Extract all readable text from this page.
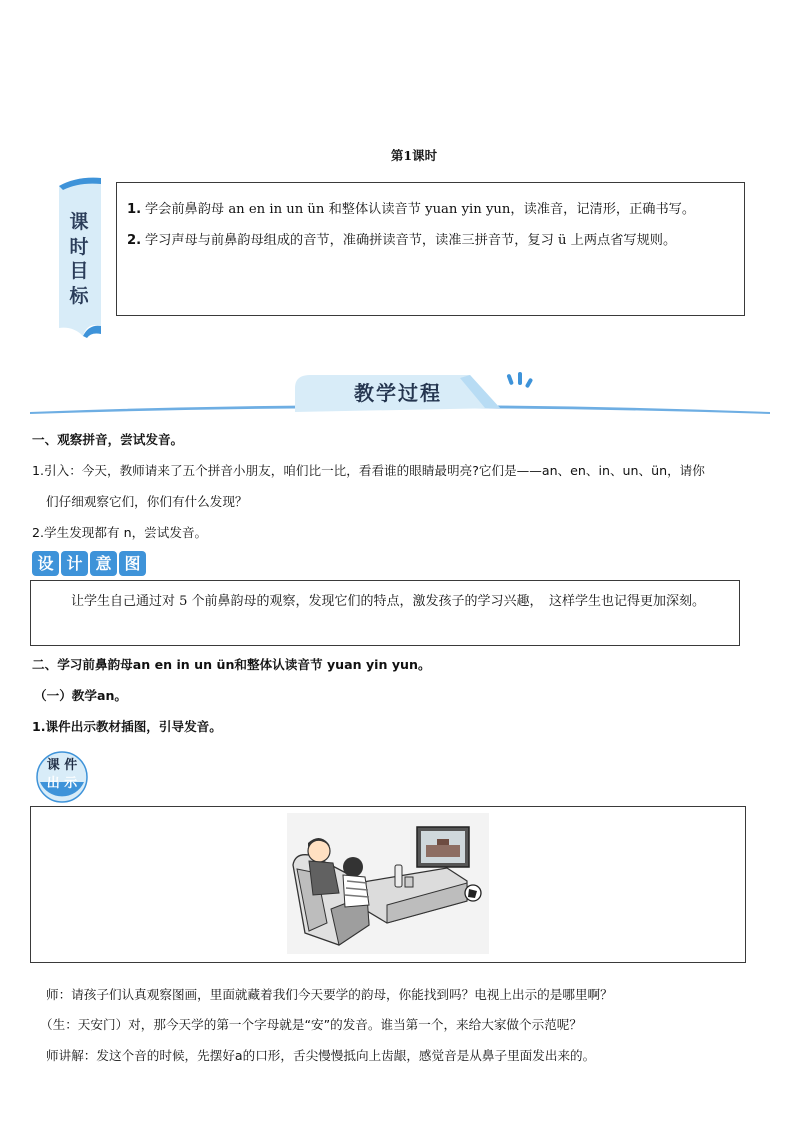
第1课时
课
时
目
标
1. 学会前鼻韵母 an en in un ün 和整体认读音节 yuan yin yun，读准音，记清形，正确书写。
2. 学习声母与前鼻韵母组成的音节，准确拼读音节，读准三拼音节，复习 ü 上两点省写规则。
教学过程
一、观察拼音，尝试发音。
1.引入：今天，教师请来了五个拼音小朋友，咱们比一比，看看谁的眼睛最明亮?它们是——an、en、in、un、ün，请你
们仔细观察它们，你们有什么发现？
2.学生发现都有 n，尝试发音。
设 计 意 图
让学生自己通过对 5 个前鼻韵母的观察，发现它们的特点，激发孩子的学习兴趣，　这样学生也记得更加深刻。
二、学习前鼻韵母an en in un ün和整体认读音节 yuan yin yun。
（一）教学an。
1.课件出示教材插图，引导发音。
课 件
出 示
师：请孩子们认真观察图画，里面就藏着我们今天要学的韵母，你能找到吗？电视上出示的是哪里啊？
（生：天安门）对，那今天学的第一个字母就是“安”的发音。谁当第一个，来给大家做个示范呢？
师讲解：发这个音的时候，先摆好a的口形，舌尖慢慢抵向上齿龈，感觉音是从鼻子里面发出来的。
